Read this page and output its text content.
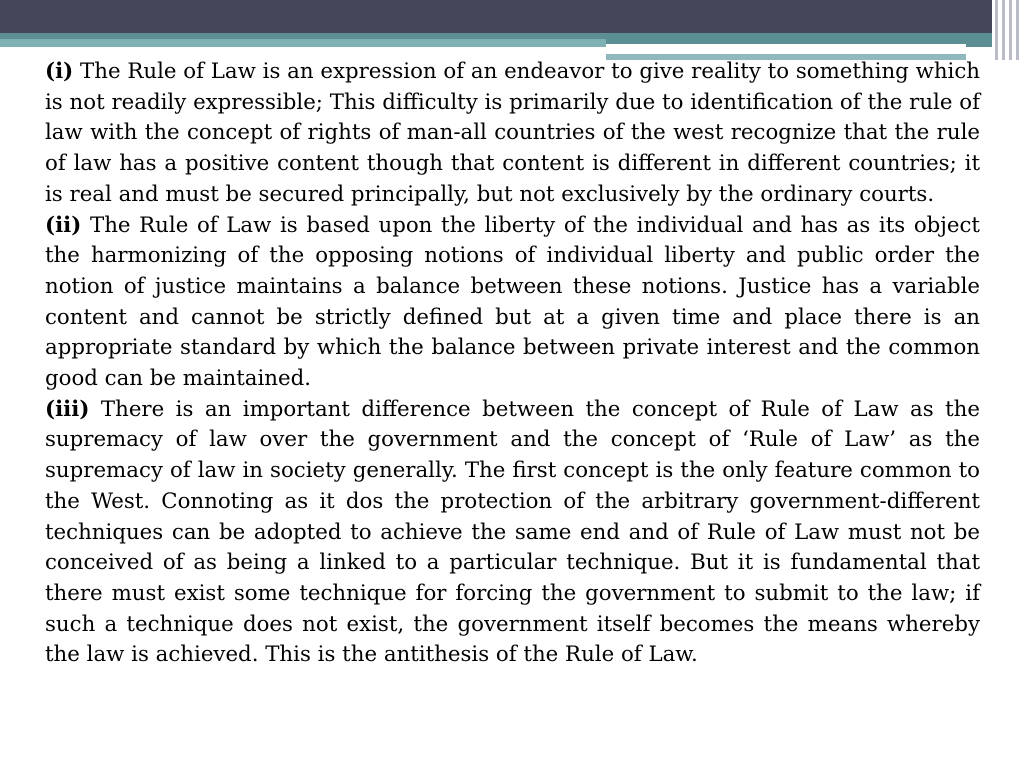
(i) The Rule of Law is an expression of an endeavor to give reality to something which is not readily expressible; This difficulty is primarily due to identification of the rule of law with the concept of rights of man-all countries of the west recognize that the rule of law has a positive content though that content is different in different countries; it is real and must be secured principally, but not exclusively by the ordinary courts.

(ii) The Rule of Law is based upon the liberty of the individual and has as its object the harmonizing of the opposing notions of individual liberty and public order the notion of justice maintains a balance between these notions. Justice has a variable content and cannot be strictly defined but at a given time and place there is an appropriate standard by which the balance between private interest and the common good can be maintained.

(iii) There is an important difference between the concept of Rule of Law as the supremacy of law over the government and the concept of ‘Rule of Law’ as the supremacy of law in society generally. The first concept is the only feature common to the West. Connoting as it dos the protection of the arbitrary government-different techniques can be adopted to achieve the same end and of Rule of Law must not be conceived of as being a linked to a particular technique. But it is fundamental that there must exist some technique for forcing the government to submit to the law; if such a technique does not exist, the government itself becomes the means whereby the law is achieved. This is the antithesis of the Rule of Law.
